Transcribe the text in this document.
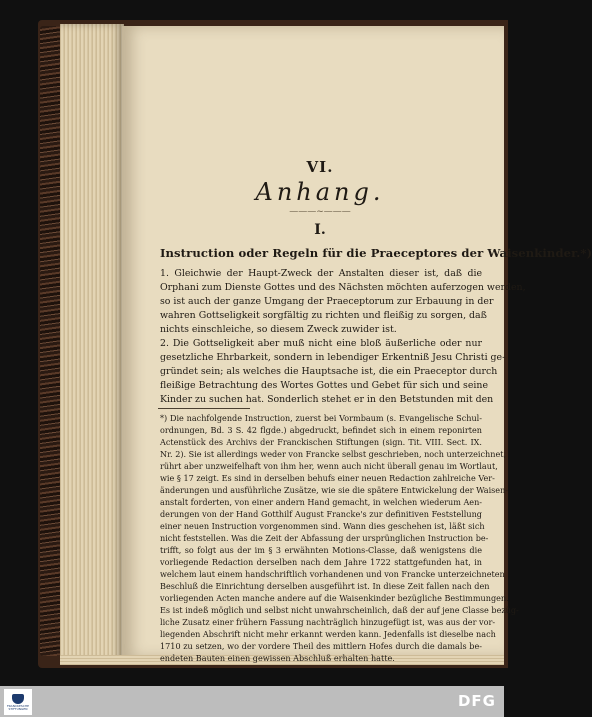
VI.
Anhang.
———~———
I.
Instruction oder Regeln für die Praeceptores der Waisenkinder.*)
1. Gleichwie der Haupt-Zweck der Anstalten dieser ist, daß die
Orphani zum Dienste Gottes und des Nächsten möchten auferzogen werden,
so ist auch der ganze Umgang der Praeceptorum zur Erbauung in der
wahren Gottseligkeit sorgfältig zu richten und fleißig zu sorgen, daß
nichts einschleiche, so diesem Zweck zuwider ist.
2. Die Gottseligkeit aber muß nicht eine bloß äußerliche oder nur
gesetzliche Ehrbarkeit, sondern in lebendiger Erkentniß Jesu Christi ge-
gründet sein; als welches die Hauptsache ist, die ein Praeceptor durch
fleißige Betrachtung des Wortes Gottes und Gebet für sich und seine
Kinder zu suchen hat. Sonderlich stehet er in den Betstunden mit den
*) Die nachfolgende Instruction, zuerst bei Vormbaum (s. Evangelische Schul-
ordnungen, Bd. 3 S. 42 flgde.) abgedruckt, befindet sich in einem reponirten
Actenstück des Archivs der Franckischen Stiftungen (sign. Tit. VIII. Sect. IX.
Nr. 2). Sie ist allerdings weder von Francke selbst geschrieben, noch unterzeichnet,
rührt aber unzweifelhaft von ihm her, wenn auch nicht überall genau im Wortlaut,
wie § 17 zeigt. Es sind in derselben behufs einer neuen Redaction zahlreiche Ver-
änderungen und ausführliche Zusätze, wie sie die spätere Entwickelung der Waisen-
anstalt forderten, von einer andern Hand gemacht, in welchen wiederum Aen-
derungen von der Hand Gotthilf August Francke's zur definitiven Feststellung
einer neuen Instruction vorgenommen sind. Wann dies geschehen ist, läßt sich
nicht feststellen. Was die Zeit der Abfassung der ursprünglichen Instruction be-
trifft, so folgt aus der im § 3 erwähnten Motions-Classe, daß wenigstens die
vorliegende Redaction derselben nach dem Jahre 1722 stattgefunden hat, in
welchem laut einem handschriftlich vorhandenen und von Francke unterzeichneten
Beschluß die Einrichtung derselben ausgeführt ist. In diese Zeit fallen nach den
vorliegenden Acten manche andere auf die Waisenkinder bezügliche Bestimmungen.
Es ist indeß möglich und selbst nicht unwahrscheinlich, daß der auf jene Classe bezüg-
liche Zusatz einer frühern Fassung nachträglich hinzugefügt ist, was aus der vor-
liegenden Abschrift nicht mehr erkannt werden kann. Jedenfalls ist dieselbe nach
1710 zu setzen, wo der vordere Theil des mittlern Hofes durch die damals be-
endeten Bauten einen gewissen Abschluß erhalten hatte.
FRANCKESCHE STIFTUNGEN	DFG
